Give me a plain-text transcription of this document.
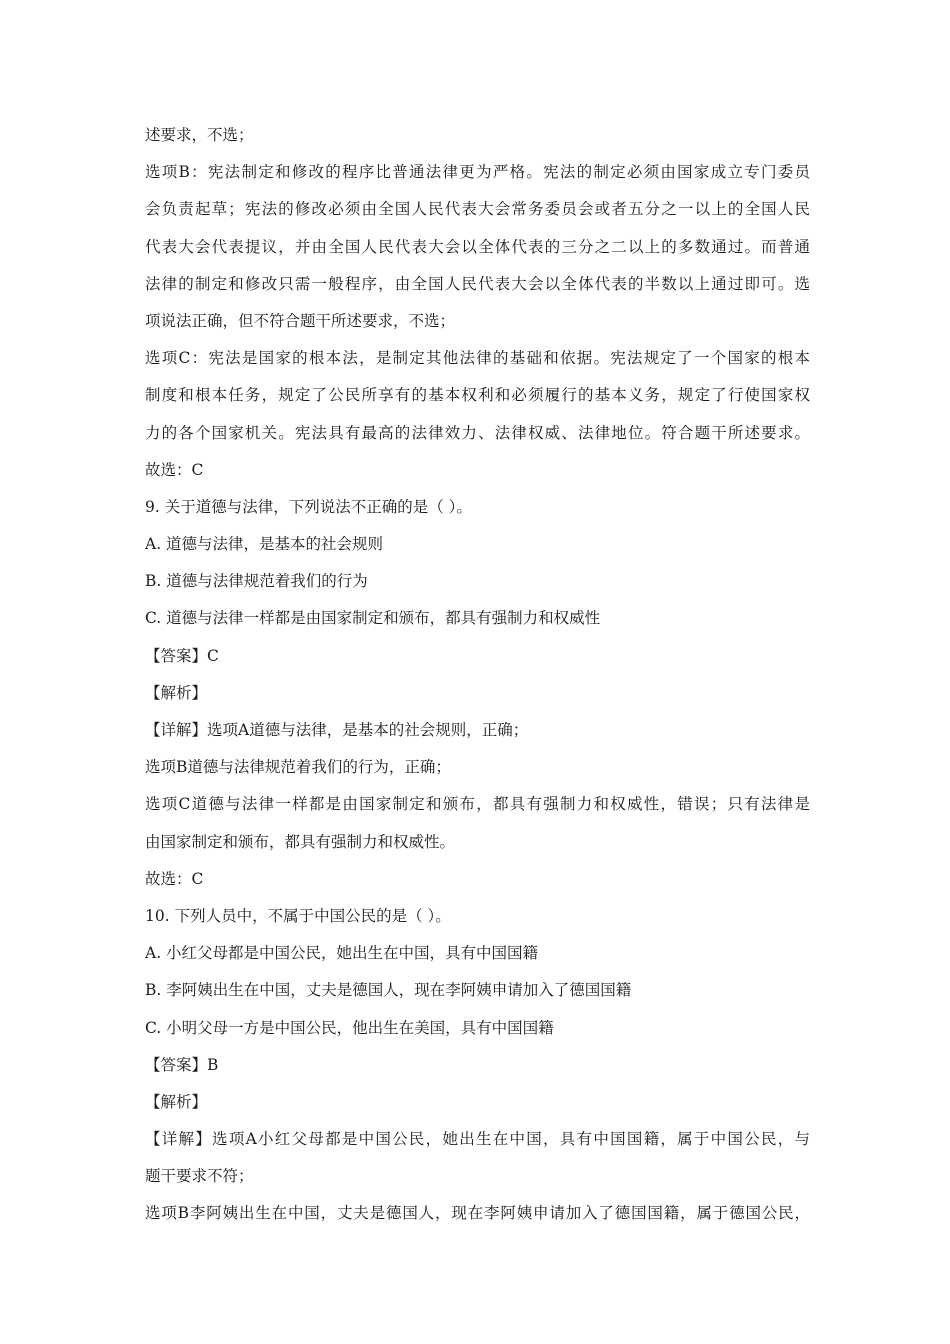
述要求，不选；
选项B：宪法制定和修改的程序比普通法律更为严格。宪法的制定必须由国家成立专门委员
会负责起草；宪法的修改必须由全国人民代表大会常务委员会或者五分之一以上的全国人民
代表大会代表提议，并由全国人民代表大会以全体代表的三分之二以上的多数通过。而普通
法律的制定和修改只需一般程序，由全国人民代表大会以全体代表的半数以上通过即可。选
项说法正确，但不符合题干所述要求，不选；
选项C：宪法是国家的根本法，是制定其他法律的基础和依据。宪法规定了一个国家的根本
制度和根本任务，规定了公民所享有的基本权利和必须履行的基本义务，规定了行使国家权
力的各个国家机关。宪法具有最高的法律效力、法律权威、法律地位。符合题干所述要求。
故选：C
9. 关于道德与法律，下列说法不正确的是（ ）。
A. 道德与法律，是基本的社会规则
B. 道德与法律规范着我们的行为
C. 道德与法律一样都是由国家制定和颁布，都具有强制力和权威性
【答案】C
【解析】
【详解】选项A道德与法律，是基本的社会规则，正确；
选项B道德与法律规范着我们的行为，正确；
选项C道德与法律一样都是由国家制定和颁布，都具有强制力和权威性，错误；只有法律是
由国家制定和颁布，都具有强制力和权威性。
故选：C
10. 下列人员中，不属于中国公民的是（ ）。
A. 小红父母都是中国公民，她出生在中国，具有中国国籍
B. 李阿姨出生在中国，丈夫是德国人，现在李阿姨申请加入了德国国籍
C. 小明父母一方是中国公民，他出生在美国，具有中国国籍
【答案】B
【解析】
【详解】选项A小红父母都是中国公民，她出生在中国，具有中国国籍，属于中国公民，与
题干要求不符；
选项B李阿姨出生在中国，丈夫是德国人，现在李阿姨申请加入了德国国籍，属于德国公民，
